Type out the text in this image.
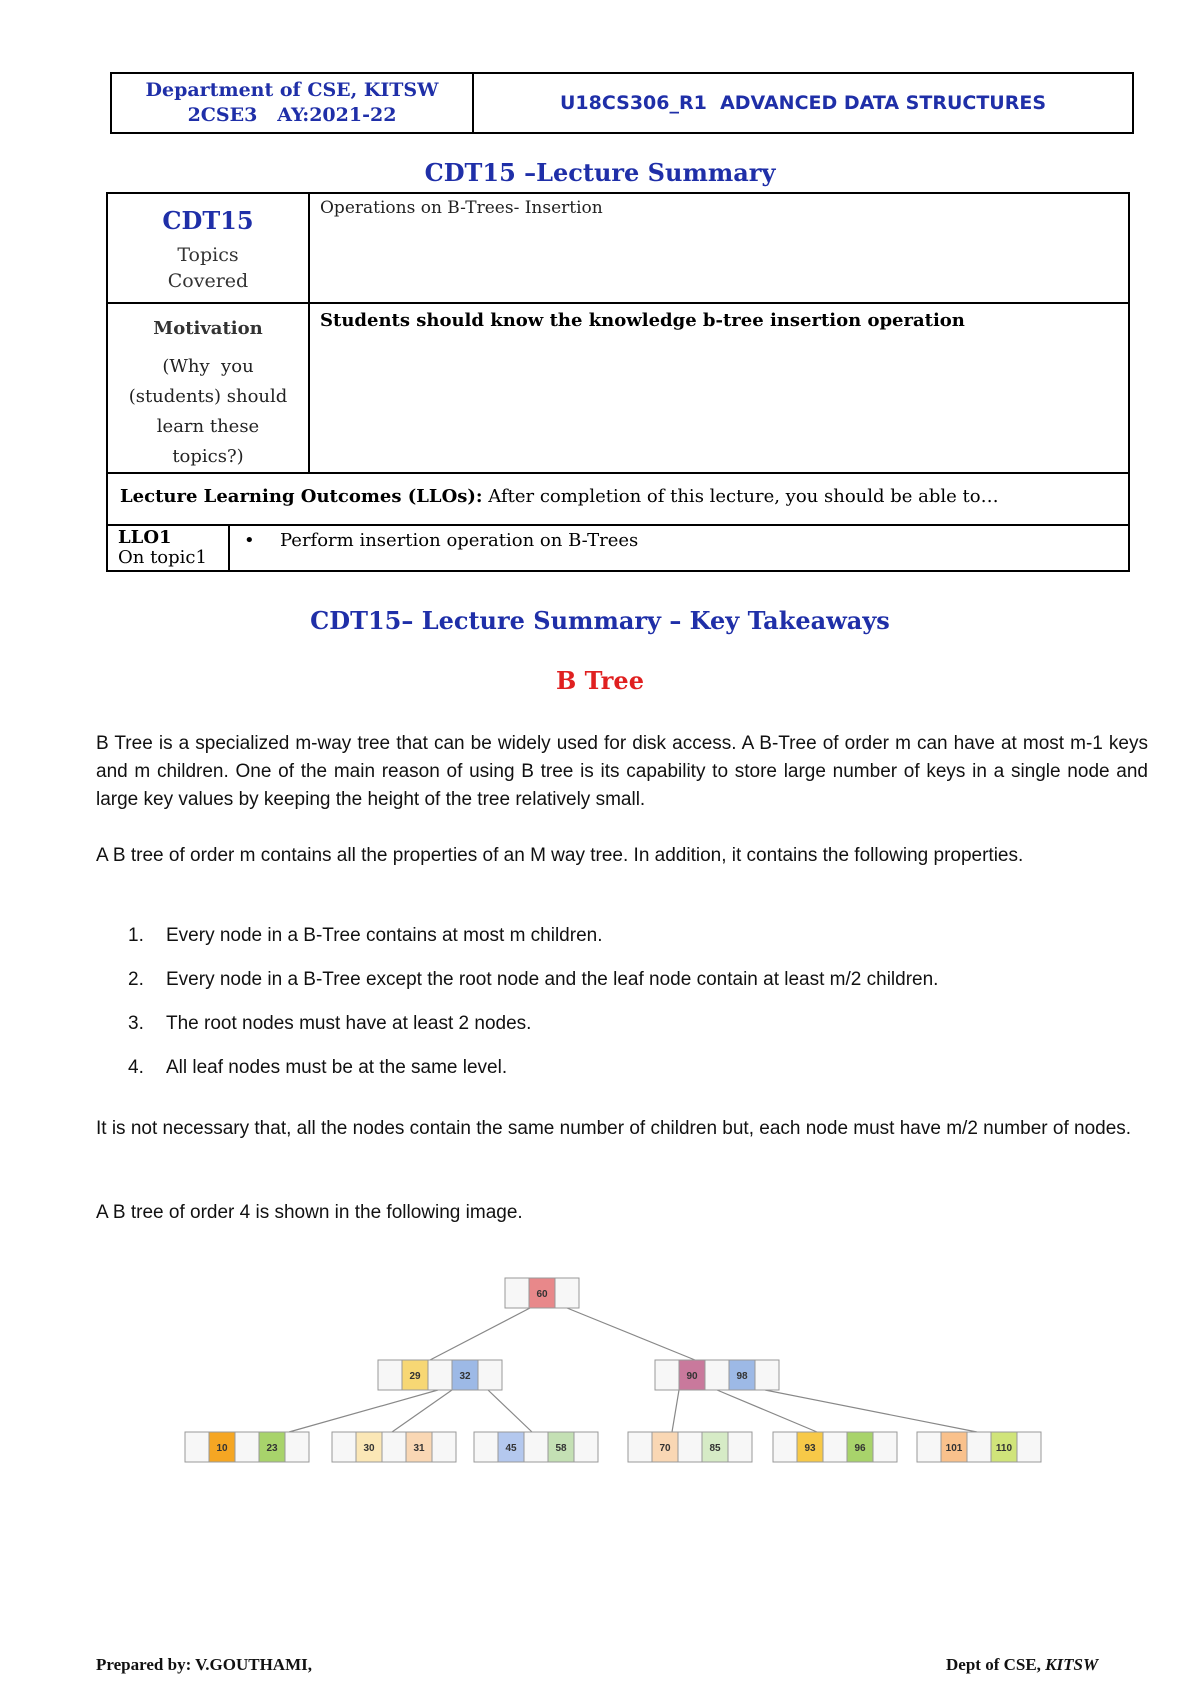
Department of CSE, KITSW
2CSE3   AY:2021-22
U18CS306_R1  ADVANCED DATA STRUCTURES
CDT15 –Lecture Summary
CDT15
Topics
Covered
	Operations on B-Trees- Insertion

Motivation
(Why  you
(students) should
learn these
topics?)
	Students should know the knowledge b-tree insertion operation
Lecture Learning Outcomes (LLOs): After completion of this lecture, you should be able to…

LLO1
On topic1
	• Perform insertion operation on B-Trees
CDT15– Lecture Summary – Key Takeaways
B Tree
B Tree is a specialized m-way tree that can be widely used for disk access. A B-Tree of order m can have at most m-1 keys and m children. One of the main reason of using B tree is its capability to store large number of keys in a single node and large key values by keeping the height of the tree relatively small.
A B tree of order m contains all the properties of an M way tree. In addition, it contains the following properties.
1. Every node in a B-Tree contains at most m children.
2. Every node in a B-Tree except the root node and the leaf node contain at least m/2 children.
3. The root nodes must have at least 2 nodes.
4. All leaf nodes must be at the same level.
It is not necessary that, all the nodes contain the same number of children but, each node must have m/2 number of nodes.
A B tree of order 4 is shown in the following image.
60
29	32	90	98
10	23	30	31	45	58	70	85	93	96	101	110
Prepared by: V.GOUTHAMI,	Dept of CSE, KITSW
